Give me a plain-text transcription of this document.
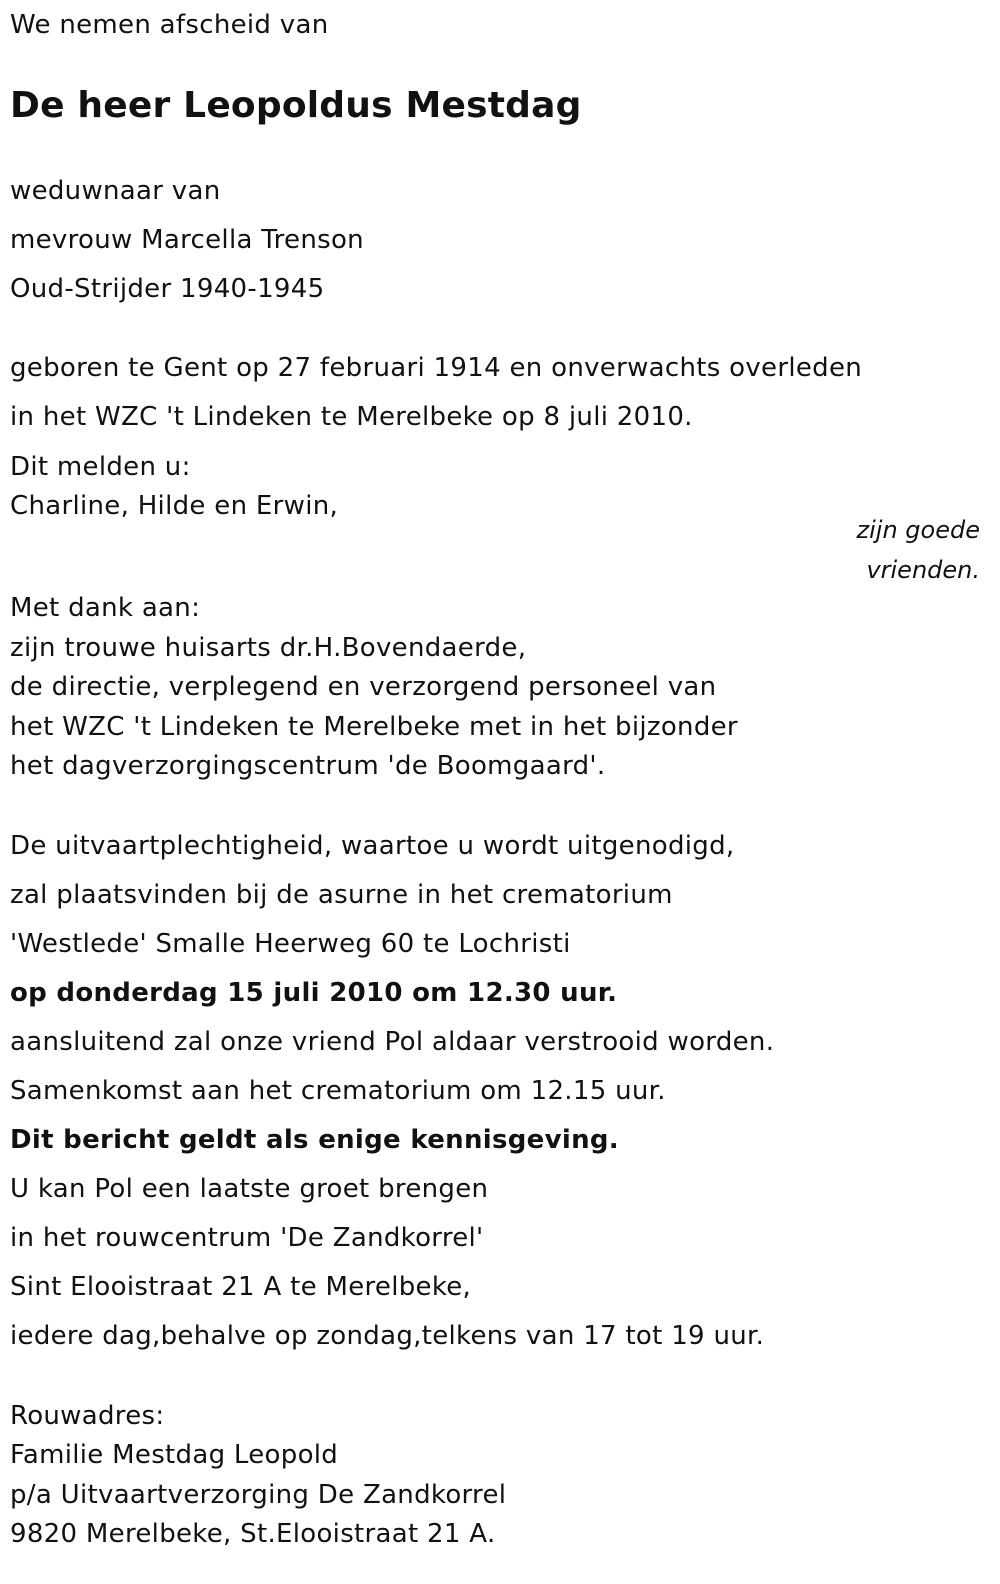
We nemen afscheid van
De heer Leopoldus Mestdag
weduwnaar van
mevrouw Marcella Trenson
Oud-Strijder 1940-1945
geboren te Gent op 27 februari 1914 en onverwachts overleden
in het WZC 't Lindeken te Merelbeke op 8 juli 2010.
Dit melden u:
Charline, Hilde en Erwin,
zijn goede
vrienden.
Met dank aan:
zijn trouwe huisarts dr.H.Bovendaerde,
de directie, verplegend en verzorgend personeel van
het WZC 't Lindeken te Merelbeke met in het bijzonder
het dagverzorgingscentrum 'de Boomgaard'.
De uitvaartplechtigheid, waartoe u wordt uitgenodigd,
zal plaatsvinden bij de asurne in het crematorium
'Westlede' Smalle Heerweg 60 te Lochristi
op donderdag 15 juli 2010 om 12.30 uur.
aansluitend zal onze vriend Pol aldaar verstrooid worden.
Samenkomst aan het crematorium om 12.15 uur.
Dit bericht geldt als enige kennisgeving.
U kan Pol een laatste groet brengen
in het rouwcentrum 'De Zandkorrel'
Sint Elooistraat 21 A te Merelbeke,
iedere dag,behalve op zondag,telkens van 17 tot 19 uur.
Rouwadres:
Familie Mestdag Leopold
p/a Uitvaartverzorging De Zandkorrel
9820 Merelbeke, St.Elooistraat 21 A.
